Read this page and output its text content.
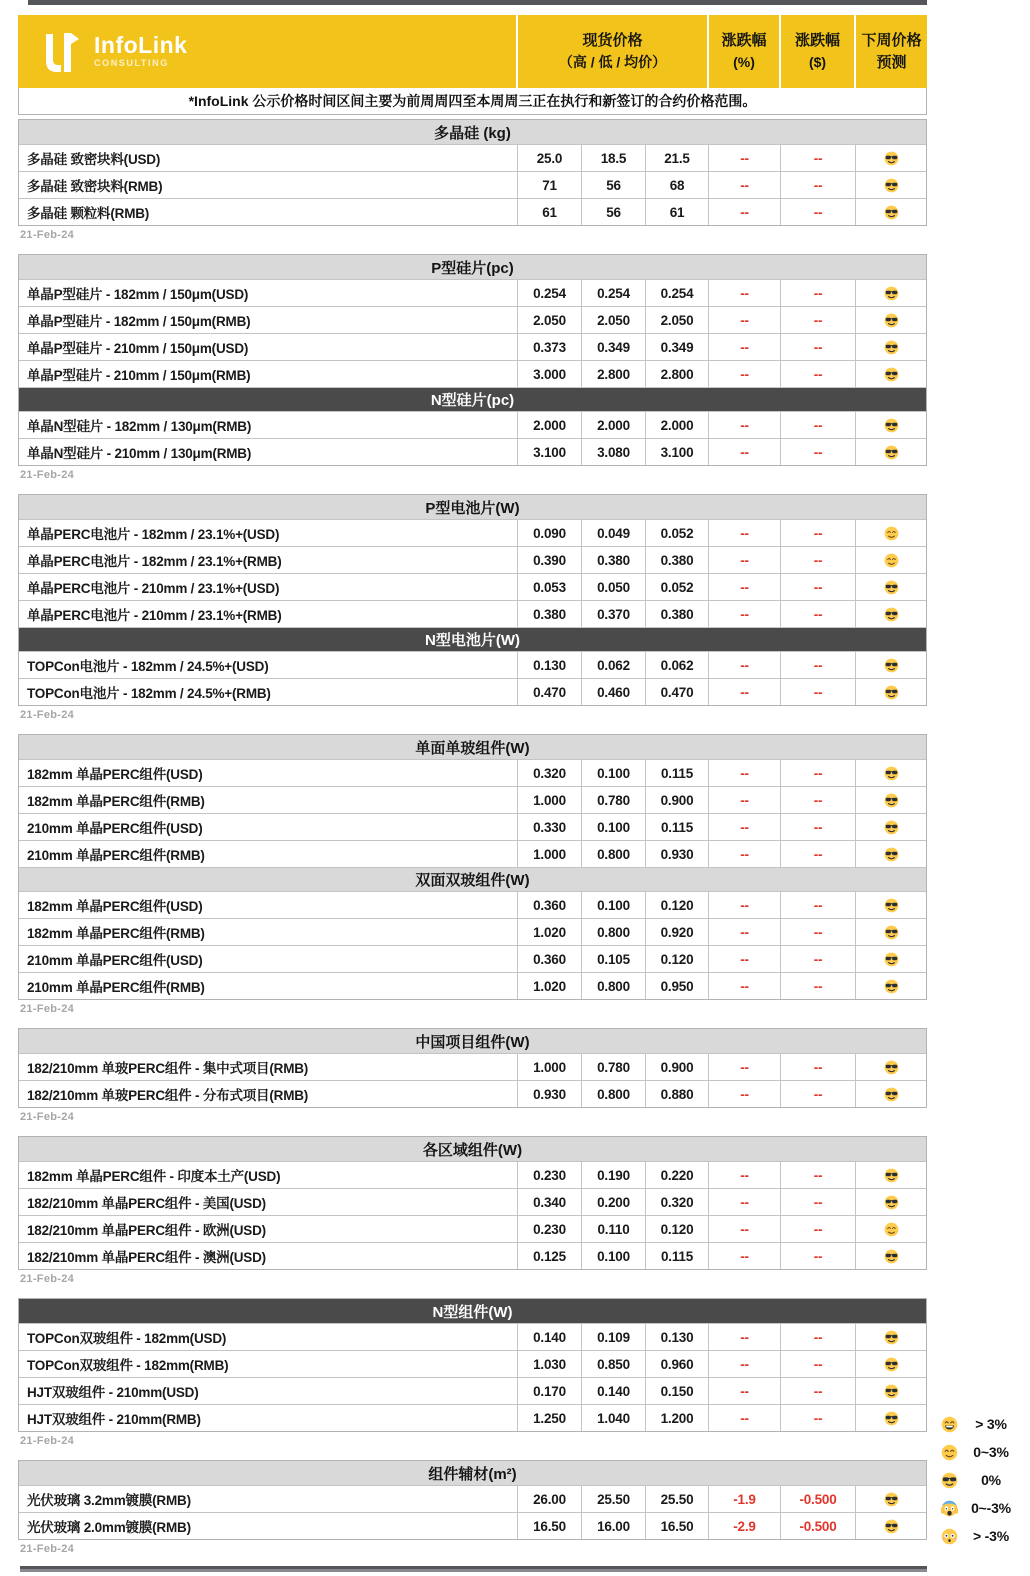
InfoLink
CONSULTING
现货价格
（高 / 低 / 均价）
涨跌幅
(%)
涨跌幅
($)
下周价格
预测
*InfoLink 公示价格时间区间主要为前周周四至本周周三正在执行和新签订的合约价格范围。
多晶硅 (kg)
多晶硅 致密块料(USD)	25.0	18.5	21.5	--	--
多晶硅 致密块料(RMB)	71	56	68	--	--
多晶硅 颗粒料(RMB)	61	56	61	--	--
21-Feb-24
P型硅片(pc)
单晶P型硅片 - 182mm / 150μm(USD)	0.254	0.254	0.254	--	--
单晶P型硅片 - 182mm / 150μm(RMB)	2.050	2.050	2.050	--	--
单晶P型硅片 - 210mm / 150μm(USD)	0.373	0.349	0.349	--	--
单晶P型硅片 - 210mm / 150μm(RMB)	3.000	2.800	2.800	--	--
N型硅片(pc)
单晶N型硅片 - 182mm / 130μm(RMB)	2.000	2.000	2.000	--	--
单晶N型硅片 - 210mm / 130μm(RMB)	3.100	3.080	3.100	--	--
21-Feb-24
P型电池片(W)
单晶PERC电池片 - 182mm / 23.1%+(USD)	0.090	0.049	0.052	--	--
单晶PERC电池片 - 182mm / 23.1%+(RMB)	0.390	0.380	0.380	--	--
单晶PERC电池片 - 210mm / 23.1%+(USD)	0.053	0.050	0.052	--	--
单晶PERC电池片 - 210mm / 23.1%+(RMB)	0.380	0.370	0.380	--	--
N型电池片(W)
TOPCon电池片 - 182mm / 24.5%+(USD)	0.130	0.062	0.062	--	--
TOPCon电池片 - 182mm / 24.5%+(RMB)	0.470	0.460	0.470	--	--
21-Feb-24
单面单玻组件(W)
182mm 单晶PERC组件(USD)	0.320	0.100	0.115	--	--
182mm 单晶PERC组件(RMB)	1.000	0.780	0.900	--	--
210mm 单晶PERC组件(USD)	0.330	0.100	0.115	--	--
210mm 单晶PERC组件(RMB)	1.000	0.800	0.930	--	--
双面双玻组件(W)
182mm 单晶PERC组件(USD)	0.360	0.100	0.120	--	--
182mm 单晶PERC组件(RMB)	1.020	0.800	0.920	--	--
210mm 单晶PERC组件(USD)	0.360	0.105	0.120	--	--
210mm 单晶PERC组件(RMB)	1.020	0.800	0.950	--	--
21-Feb-24
中国项目组件(W)
182/210mm 单玻PERC组件 - 集中式项目(RMB)	1.000	0.780	0.900	--	--
182/210mm 单玻PERC组件 - 分布式项目(RMB)	0.930	0.800	0.880	--	--
21-Feb-24
各区域组件(W)
182mm 单晶PERC组件 - 印度本土产(USD)	0.230	0.190	0.220	--	--
182/210mm 单晶PERC组件 - 美国(USD)	0.340	0.200	0.320	--	--
182/210mm 单晶PERC组件 - 欧洲(USD)	0.230	0.110	0.120	--	--
182/210mm 单晶PERC组件 - 澳洲(USD)	0.125	0.100	0.115	--	--
21-Feb-24
N型组件(W)
TOPCon双玻组件 - 182mm(USD)	0.140	0.109	0.130	--	--
TOPCon双玻组件 - 182mm(RMB)	1.030	0.850	0.960	--	--
HJT双玻组件 - 210mm(USD)	0.170	0.140	0.150	--	--
HJT双玻组件 - 210mm(RMB)	1.250	1.040	1.200	--	--
21-Feb-24
组件辅材(m²)
光伏玻璃 3.2mm镀膜(RMB)	26.00	25.50	25.50	-1.9	-0.500
光伏玻璃 2.0mm镀膜(RMB)	16.50	16.00	16.50	-2.9	-0.500
21-Feb-24
> 3%
0~3%
0%
0~-3%
> -3%
